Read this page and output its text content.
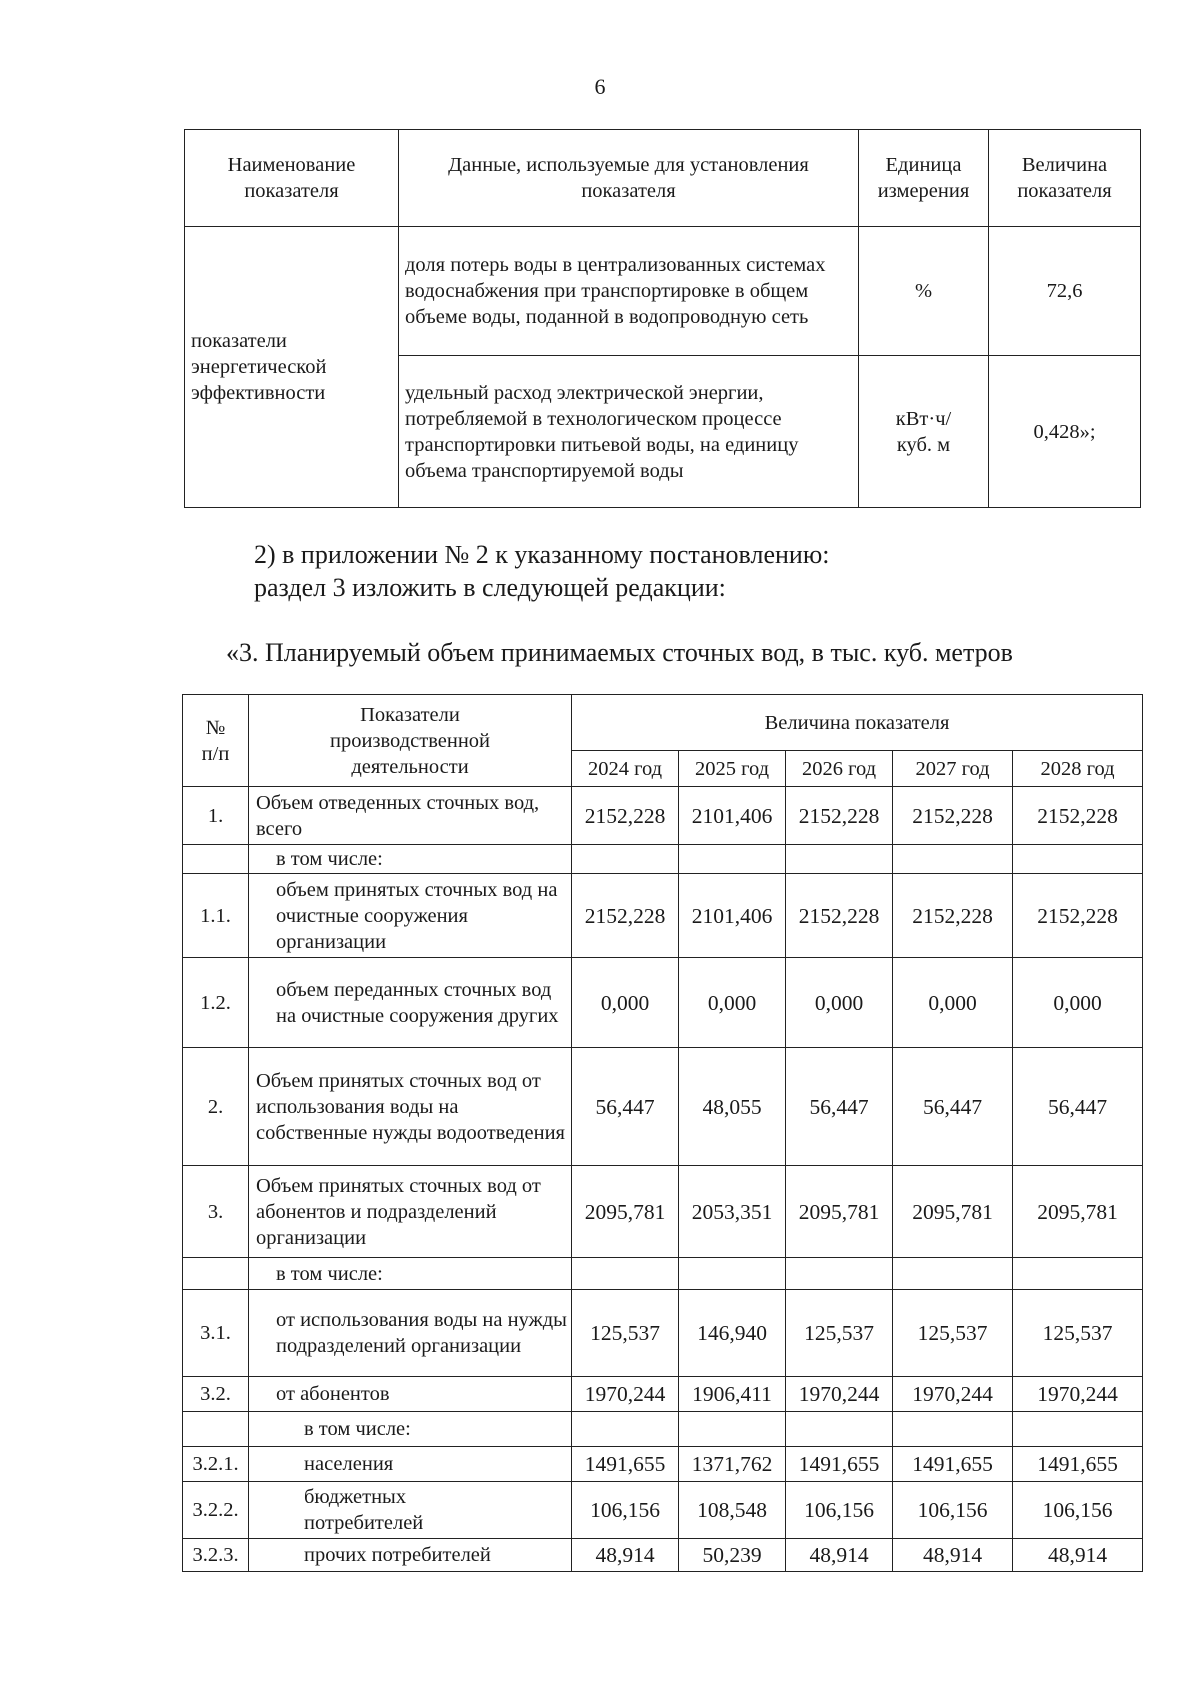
6
Наименование показателя	Данные, используемые для установления показателя	Единица измерения	Величина показателя
показатели энергетической эффективности	доля потерь воды в централизованных системах водоснабжения при транспортировке в общем объеме воды, поданной в водопроводную сеть	%	72,6
	удельный расход электрической энергии, потребляемой в технологическом процессе транспортировки питьевой воды, на единицу объема транспортируемой воды	кВт·ч/ куб. м	0,428»;
2) в приложении № 2 к указанному постановлению:
раздел 3 изложить в следующей редакции:
«3. Планируемый объем принимаемых сточных вод, в тыс. куб. метров
№ п/п	Показатели производственной деятельности	Величина показателя				
		2024 год	2025 год	2026 год	2027 год	2028 год
1.	Объем отведенных сточных вод, всего	2152,228	2101,406	2152,228	2152,228	2152,228
	в том числе:					
1.1.	объем принятых сточных вод на очистные сооружения организации	2152,228	2101,406	2152,228	2152,228	2152,228
1.2.	объем переданных сточных вод на очистные сооружения других	0,000	0,000	0,000	0,000	0,000
2.	Объем принятых сточных вод от использования воды на собственные нужды водоотведения	56,447	48,055	56,447	56,447	56,447
3.	Объем принятых сточных вод от абонентов и подразделений организации	2095,781	2053,351	2095,781	2095,781	2095,781
	в том числе:					
3.1.	от использования воды на нужды подразделений организации	125,537	146,940	125,537	125,537	125,537
3.2.	от абонентов	1970,244	1906,411	1970,244	1970,244	1970,244
	в том числе:					
3.2.1.	населения	1491,655	1371,762	1491,655	1491,655	1491,655
3.2.2.	бюджетных потребителей	106,156	108,548	106,156	106,156	106,156
3.2.3.	прочих потребителей	48,914	50,239	48,914	48,914	48,914
